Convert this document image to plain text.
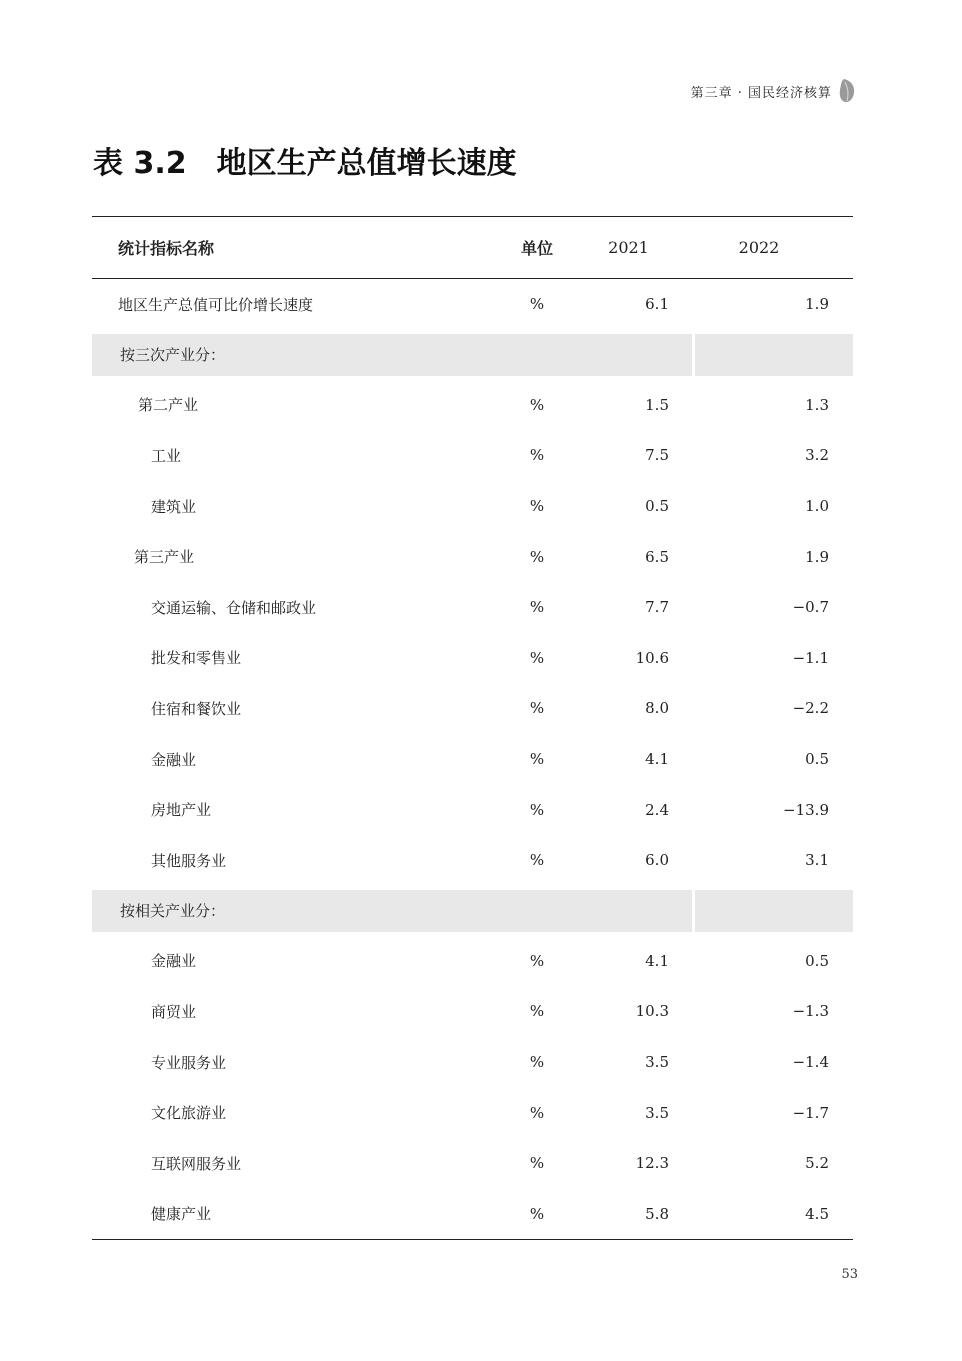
第三章 · 国民经济核算
表 3.2 地区生产总值增长速度
统计指标名称	单位	2021	2022
地区生产总值可比价增长速度	%	6.1	1.9
按三次产业分：
第二产业	%	1.5	1.3
工业	%	7.5	3.2
建筑业	%	0.5	1.0
第三产业	%	6.5	1.9
交通运输、仓储和邮政业	%	7.7	−0.7
批发和零售业	%	10.6	−1.1
住宿和餐饮业	%	8.0	−2.2
金融业	%	4.1	0.5
房地产业	%	2.4	−13.9
其他服务业	%	6.0	3.1
按相关产业分：
金融业	%	4.1	0.5
商贸业	%	10.3	−1.3
专业服务业	%	3.5	−1.4
文化旅游业	%	3.5	−1.7
互联网服务业	%	12.3	5.2
健康产业	%	5.8	4.5
53
